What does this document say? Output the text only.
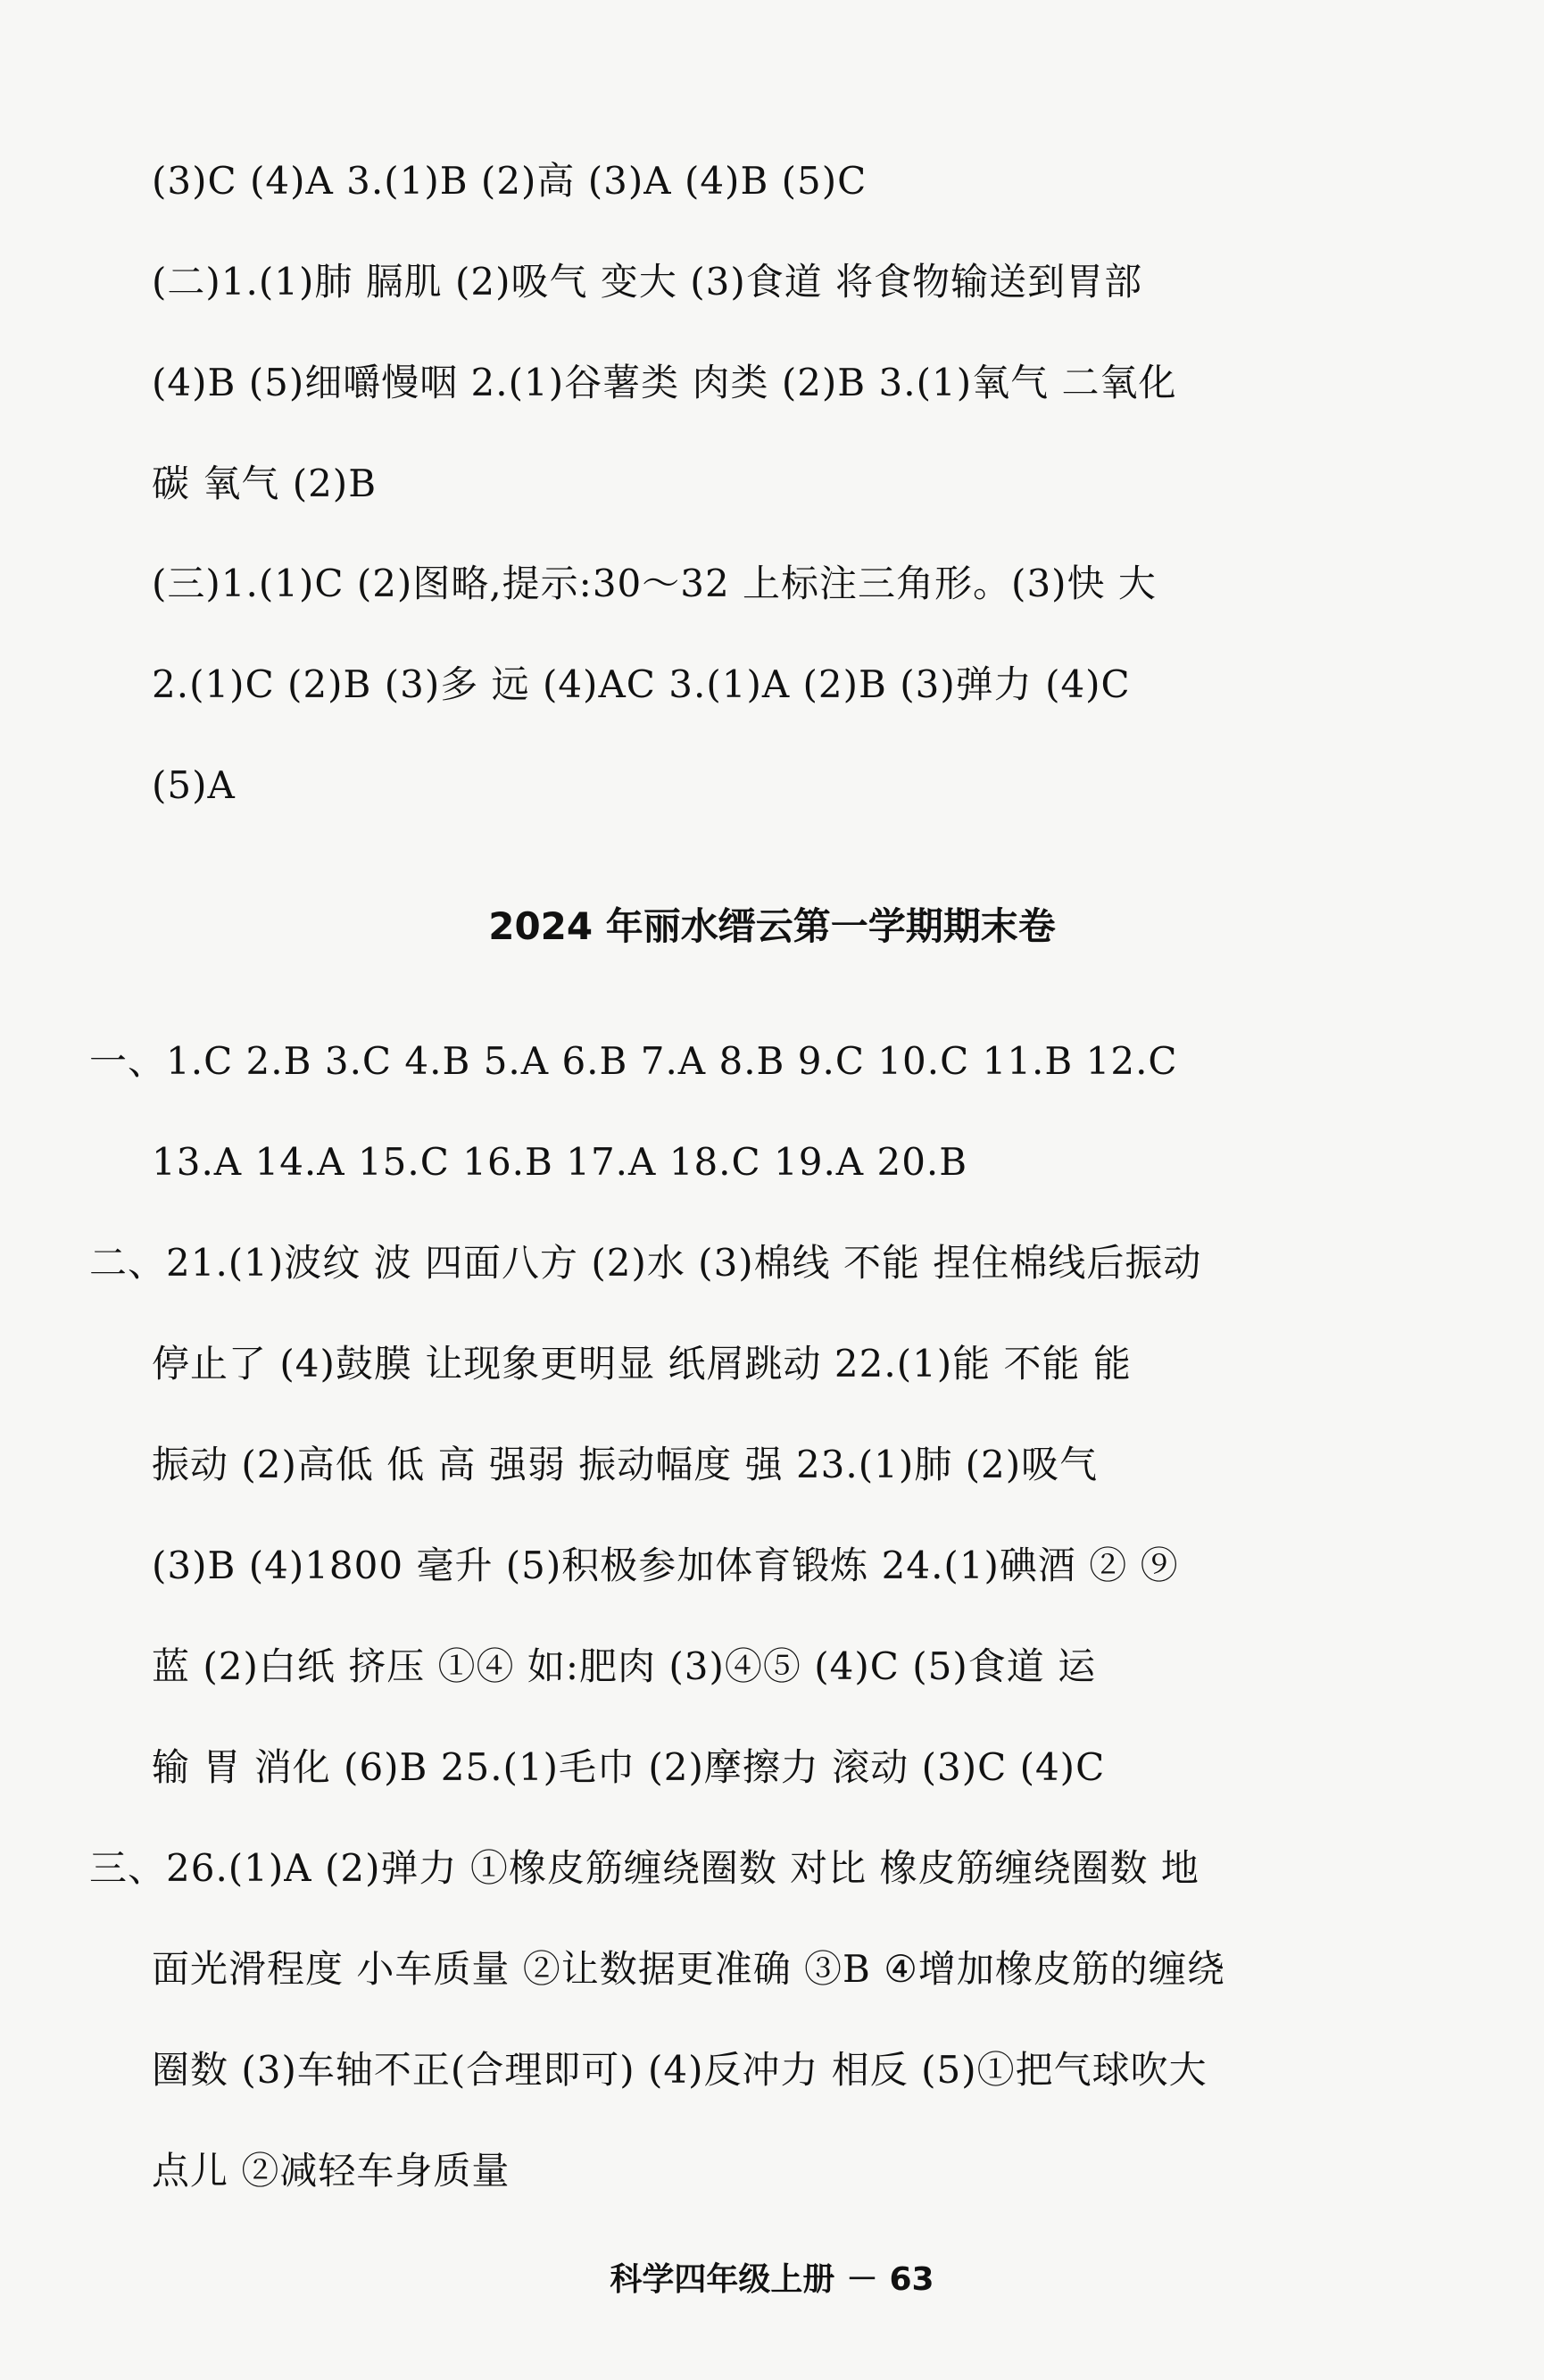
(3)C (4)A 3.(1)B (2)高 (3)A (4)B (5)C
(二)1.(1)肺 膈肌 (2)吸气 变大 (3)食道 将食物输送到胃部
(4)B (5)细嚼慢咽 2.(1)谷薯类 肉类 (2)B 3.(1)氧气 二氧化
碳 氧气 (2)B
(三)1.(1)C (2)图略,提示:30～32 上标注三角形。(3)快 大
2.(1)C (2)B (3)多 远 (4)AC 3.(1)A (2)B (3)弹力 (4)C
(5)A
2024 年丽水缙云第一学期期末卷
一、1.C 2.B 3.C 4.B 5.A 6.B 7.A 8.B 9.C 10.C 11.B 12.C
13.A 14.A 15.C 16.B 17.A 18.C 19.A 20.B
二、21.(1)波纹 波 四面八方 (2)水 (3)棉线 不能 捏住棉线后振动
停止了 (4)鼓膜 让现象更明显 纸屑跳动 22.(1)能 不能 能
振动 (2)高低 低 高 强弱 振动幅度 强 23.(1)肺 (2)吸气
(3)B (4)1800 毫升 (5)积极参加体育锻炼 24.(1)碘酒 ② ⑨
蓝 (2)白纸 挤压 ①④ 如:肥肉 (3)④⑤ (4)C (5)食道 运
输 胃 消化 (6)B 25.(1)毛巾 (2)摩擦力 滚动 (3)C (4)C
三、26.(1)A (2)弹力 ①橡皮筋缠绕圈数 对比 橡皮筋缠绕圈数 地
面光滑程度 小车质量 ②让数据更准确 ③B ④增加橡皮筋的缠绕
圈数 (3)车轴不正(合理即可) (4)反冲力 相反 (5)①把气球吹大
点儿 ②减轻车身质量
科学四年级上册 － 63
